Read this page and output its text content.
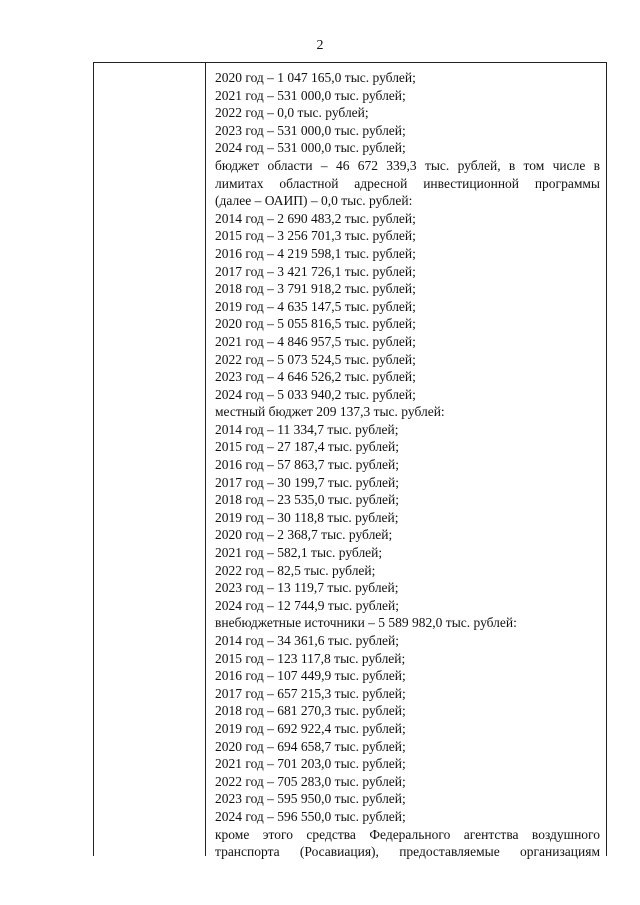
2
2020 год – 1 047 165,0 тыс. рублей;
2021 год – 531 000,0 тыс. рублей;
2022 год – 0,0 тыс. рублей;
2023 год – 531 000,0 тыс. рублей;
2024 год – 531 000,0 тыс. рублей;
бюджет области – 46 672 339,3 тыс. рублей, в том числе в
лимитах областной адресной инвестиционной программы
(далее – ОАИП) – 0,0 тыс. рублей:
2014 год – 2 690 483,2 тыс. рублей;
2015 год – 3 256 701,3 тыс. рублей;
2016 год – 4 219 598,1 тыс. рублей;
2017 год – 3 421 726,1 тыс. рублей;
2018 год – 3 791 918,2 тыс. рублей;
2019 год – 4 635 147,5 тыс. рублей;
2020 год – 5 055 816,5 тыс. рублей;
2021 год – 4 846 957,5 тыс. рублей;
2022 год – 5 073 524,5 тыс. рублей;
2023 год – 4 646 526,2 тыс. рублей;
2024 год – 5 033 940,2 тыс. рублей;
местный бюджет 209 137,3 тыс. рублей:
2014 год – 11 334,7 тыс. рублей;
2015 год – 27 187,4 тыс. рублей;
2016 год – 57 863,7 тыс. рублей;
2017 год – 30 199,7 тыс. рублей;
2018 год – 23 535,0 тыс. рублей;
2019 год – 30 118,8 тыс. рублей;
2020 год – 2 368,7 тыс. рублей;
2021 год – 582,1 тыс. рублей;
2022 год – 82,5 тыс. рублей;
2023 год – 13 119,7 тыс. рублей;
2024 год – 12 744,9 тыс. рублей;
внебюджетные источники – 5 589 982,0 тыс. рублей:
2014 год – 34 361,6 тыс. рублей;
2015 год – 123 117,8 тыс. рублей;
2016 год – 107 449,9 тыс. рублей;
2017 год – 657 215,3 тыс. рублей;
2018 год – 681 270,3 тыс. рублей;
2019 год – 692 922,4 тыс. рублей;
2020 год – 694 658,7 тыс. рублей;
2021 год – 701 203,0 тыс. рублей;
2022 год – 705 283,0 тыс. рублей;
2023 год – 595 950,0 тыс. рублей;
2024 год – 596 550,0 тыс. рублей;
кроме этого средства Федерального агентства воздушного
транспорта (Росавиация), предоставляемые организациям
